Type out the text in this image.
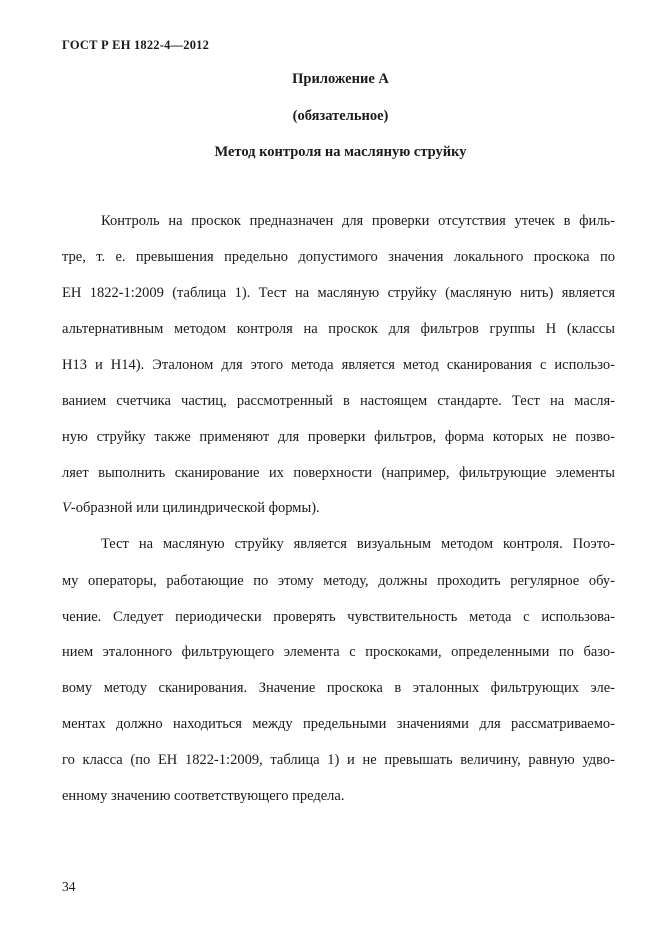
ГОСТ Р ЕН 1822-4—2012
Приложение А
(обязательное)
Метод контроля на масляную струйку
Контроль на проскок предназначен для проверки отсутствия утечек в филь-
тре, т. е. превышения предельно допустимого значения локального проскока по
ЕН 1822-1:2009 (таблица 1). Тест на масляную струйку (масляную нить) является
альтернативным методом контроля на проскок для фильтров группы Н (классы
Н13 и Н14). Эталоном для этого метода является метод сканирования с использо-
ванием счетчика частиц, рассмотренный в настоящем стандарте. Тест на масля-
ную струйку также применяют для проверки фильтров, форма которых не позво-
ляет выполнить сканирование их поверхности (например, фильтрующие элементы
V-образной или цилиндрической формы).
Тест на масляную струйку является визуальным методом контроля. Поэто-
му операторы, работающие по этому методу, должны проходить регулярное обу-
чение. Следует периодически проверять чувствительность метода с использова-
нием эталонного фильтрующего элемента с проскоками, определенными по базо-
вому методу сканирования. Значение проскока в эталонных фильтрующих эле-
ментах должно находиться между предельными значениями для рассматриваемо-
го класса (по ЕН 1822-1:2009, таблица 1) и не превышать величину, равную удво-
енному значению соответствующего предела.
34
